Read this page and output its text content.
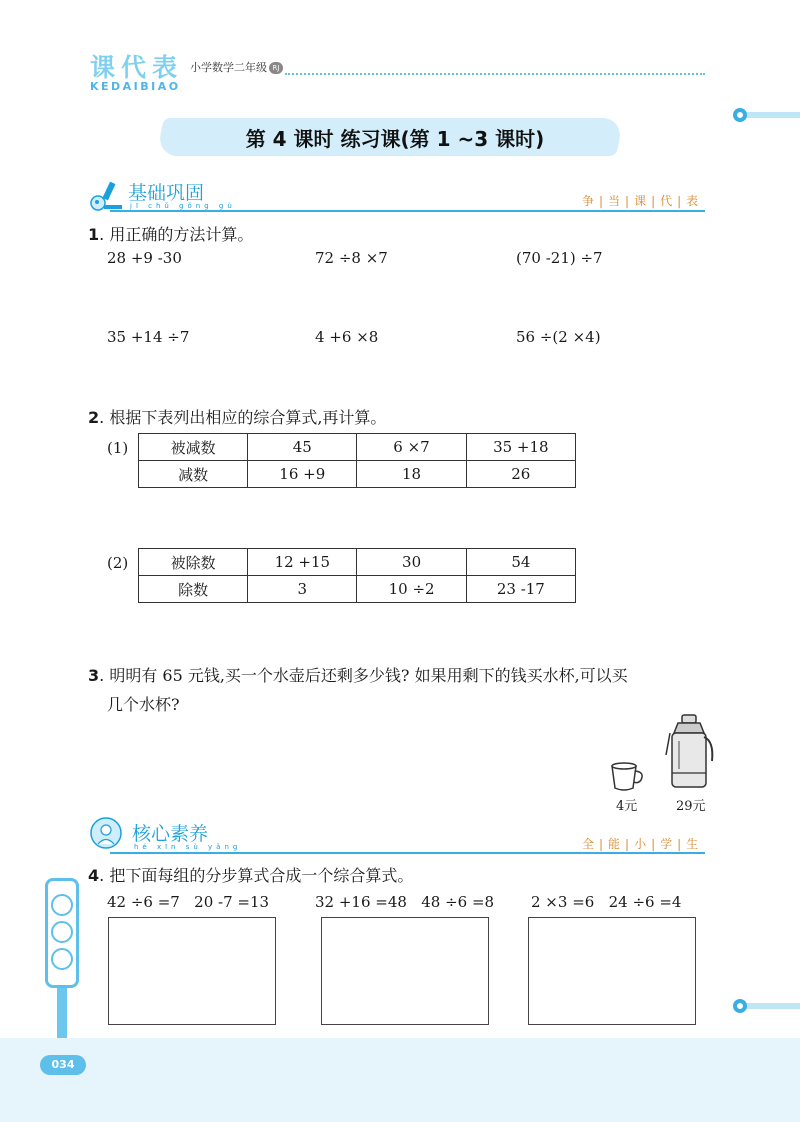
课代表
KEDAIBIAO
小学数学二年级 RJ
第 4 课时 练习课(第 1 ~3 课时)
基础巩固
jī chǔ gǒng gù	争|当|课|代|表
1. 用正确的方法计算。
28 +9 -30	72 ÷8 ×7	(70 -21) ÷7
35 +14 ÷7	4 +6 ×8	56 ÷(2 ×4)
2. 根据下表列出相应的综合算式,再计算。
(1)	被减数	45	6 ×7	35 +18
减数	16 +9	18	26
(2)	被除数	12 +15	30	54
除数	3	10 ÷2	23 -17
3. 明明有 65 元钱,买一个水壶后还剩多少钱? 如果用剩下的钱买水杯,可以买
几个水杯?
4元	29元
核心素养
hé xīn sù yǎng	全|能|小|学|生
4. 把下面每组的分步算式合成一个综合算式。
42 ÷6 =7   20 -7 =13	32 +16 =48   48 ÷6 =8 2 ×3 =6   24 ÷6 =4
034
